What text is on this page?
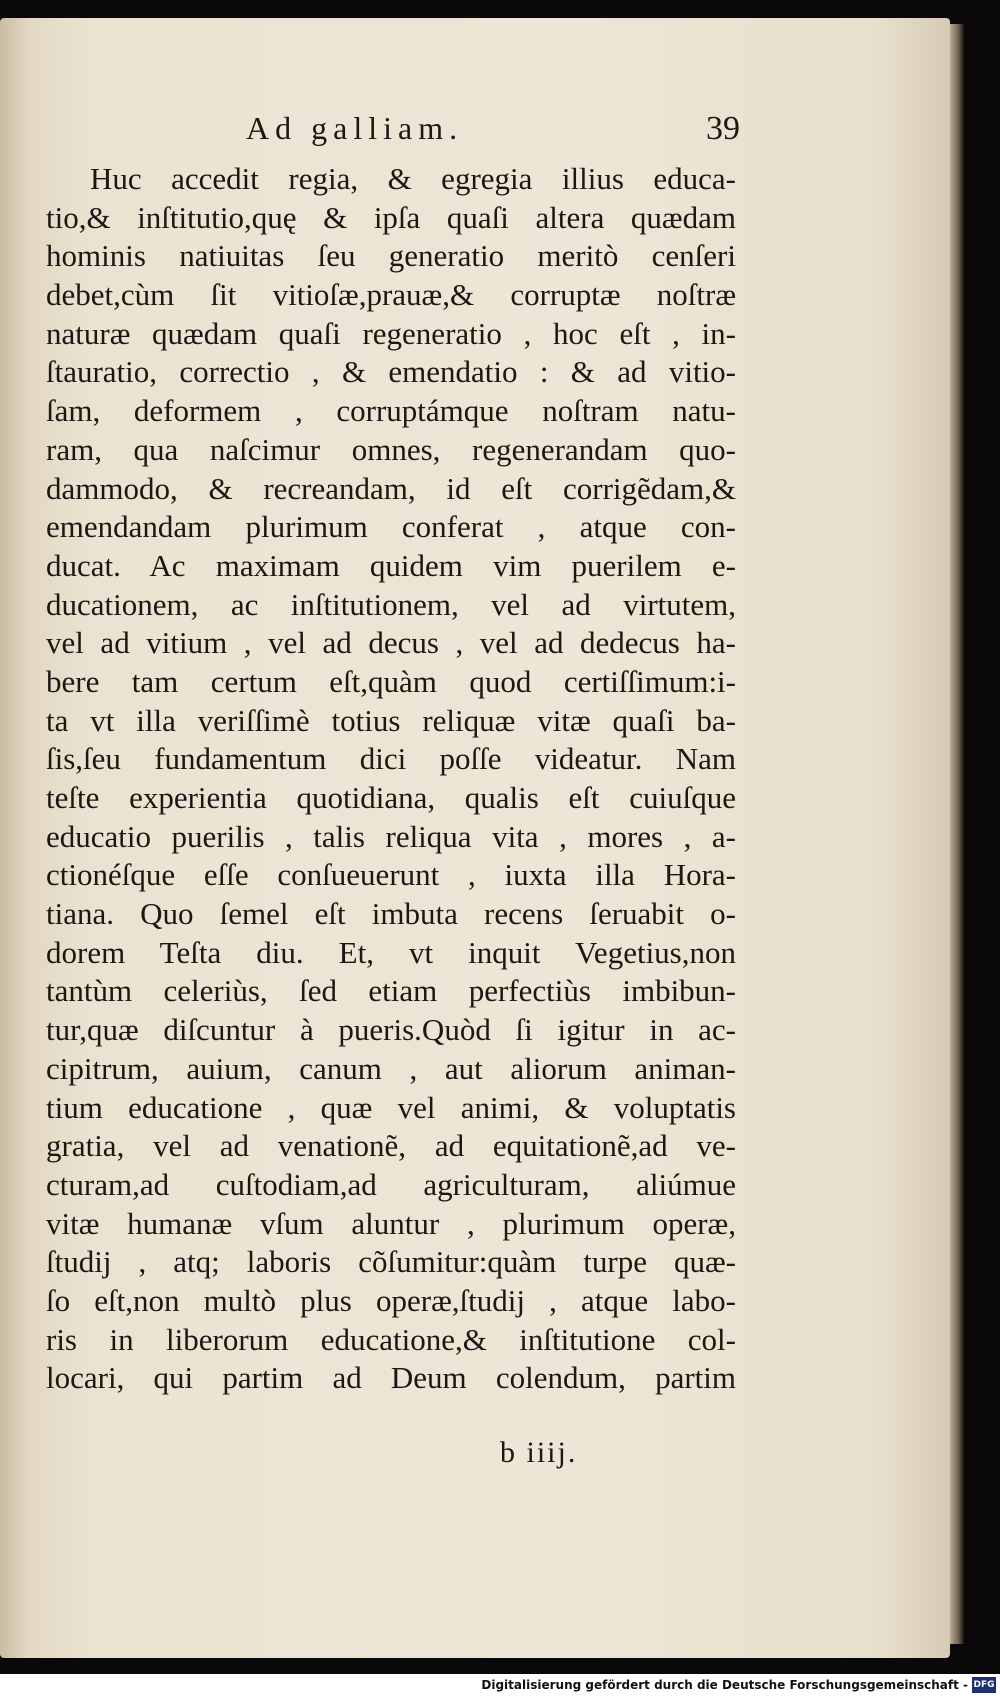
Ad galliam.	39
Huc accedit regia, & egregia illius educa-
tio,& inſtitutio,quę & ipſa quaſi altera quædam
hominis natiuitas ſeu generatio meritò cenſeri
debet,cùm ſit vitioſæ,prauæ,& corruptæ noſtræ
naturæ quædam quaſi regeneratio , hoc eſt , in-
ſtauratio, correctio , & emendatio : & ad vitio-
ſam, deformem , corruptámque noſtram natu-
ram, qua naſcimur omnes, regenerandam quo-
dammodo, & recreandam, id eſt corrigẽdam,&
emendandam plurimum conferat , atque con-
ducat. Ac maximam quidem vim puerilem e-
ducationem, ac inſtitutionem, vel ad virtutem,
vel ad vitium , vel ad decus , vel ad dedecus ha-
bere tam certum eſt,quàm quod certiſſimum:i-
ta vt illa veriſſimè totius reliquæ vitæ quaſi ba-
ſis,ſeu fundamentum dici poſſe videatur. Nam
teſte experientia quotidiana, qualis eſt cuiuſque
educatio puerilis , talis reliqua vita , mores , a-
ctionéſque eſſe conſueuerunt , iuxta illa Hora-
tiana. Quo ſemel eſt imbuta recens ſeruabit o-
dorem Teſta diu. Et, vt inquit Vegetius,non
tantùm celeriùs, ſed etiam perfectiùs imbibun-
tur,quæ diſcuntur à pueris.Quòd ſi igitur in ac-
cipitrum, auium, canum , aut aliorum animan-
tium educatione , quæ vel animi, & voluptatis
gratia, vel ad venationẽ, ad equitationẽ,ad ve-
cturam,ad cuſtodiam,ad agriculturam, aliúmue
vitæ humanæ vſum aluntur , plurimum operæ,
ſtudij , atq; laboris cõſumitur:quàm turpe quæ-
ſo eſt,non multò plus operæ,ſtudij , atque labo-
ris in liberorum educatione,& inſtitutione col-
locari, qui partim ad Deum colendum, partim
b iiij.
Digitalisierung gefördert durch die Deutsche Forschungsgemeinschaft - DFG
